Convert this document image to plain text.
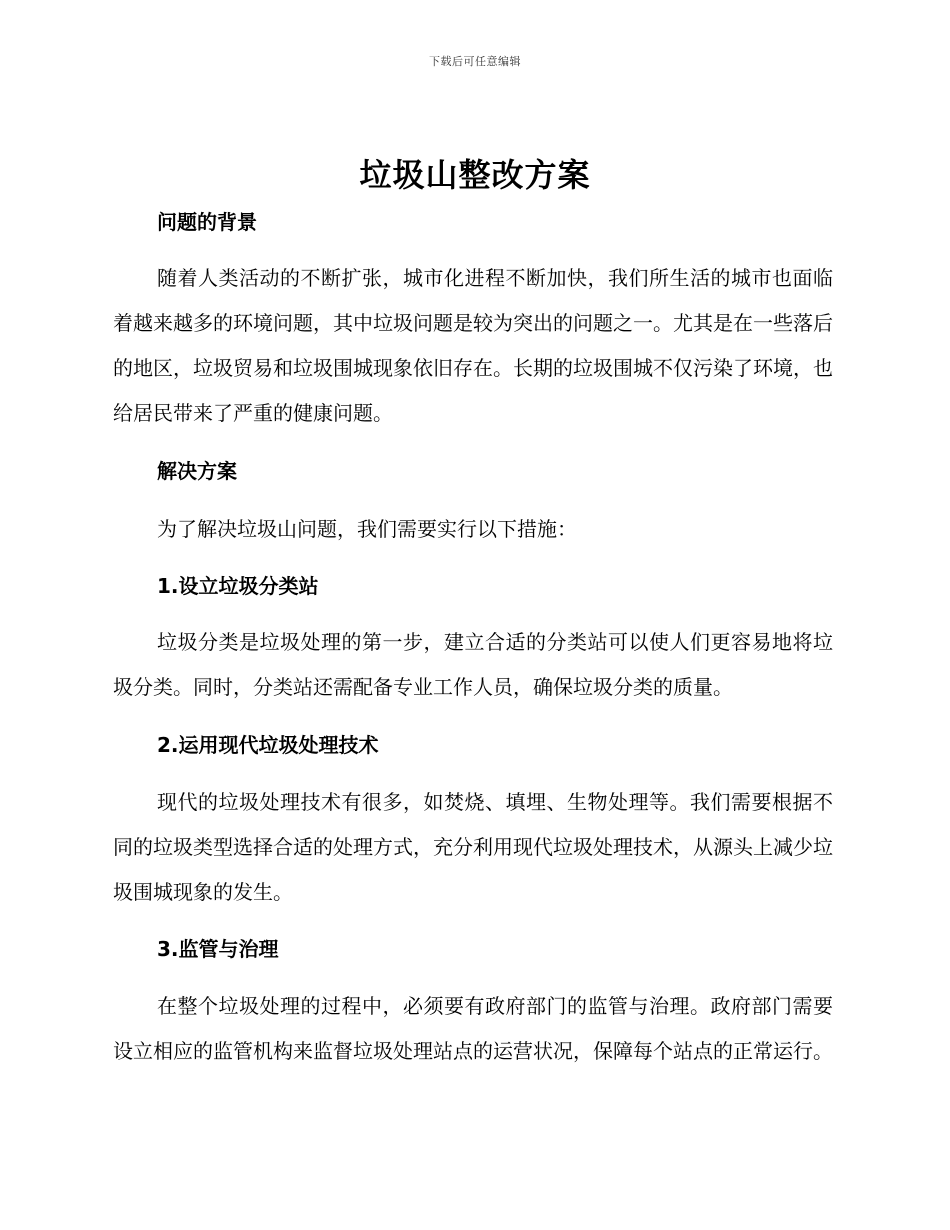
下载后可任意编辑
垃圾山整改方案
问题的背景

随着人类活动的不断扩张，城市化进程不断加快，我们所生活的城市也面临着越来越多的环境问题，其中垃圾问题是较为突出的问题之一。尤其是在一些落后的地区，垃圾贸易和垃圾围城现象依旧存在。长期的垃圾围城不仅污染了环境，也给居民带来了严重的健康问题。

解决方案
为了解决垃圾山问题，我们需要实行以下措施：
1.设立垃圾分类站

垃圾分类是垃圾处理的第一步，建立合适的分类站可以使人们更容易地将垃圾分类。同时，分类站还需配备专业工作人员，确保垃圾分类的质量。

2.运用现代垃圾处理技术

现代的垃圾处理技术有很多，如焚烧、填埋、生物处理等。我们需要根据不同的垃圾类型选择合适的处理方式，充分利用现代垃圾处理技术，从源头上减少垃圾围城现象的发生。

3.监管与治理

在整个垃圾处理的过程中，必须要有政府部门的监管与治理。政府部门需要设立相应的监管机构来监督垃圾处理站点的运营状况，保障每个站点的正常运行。
